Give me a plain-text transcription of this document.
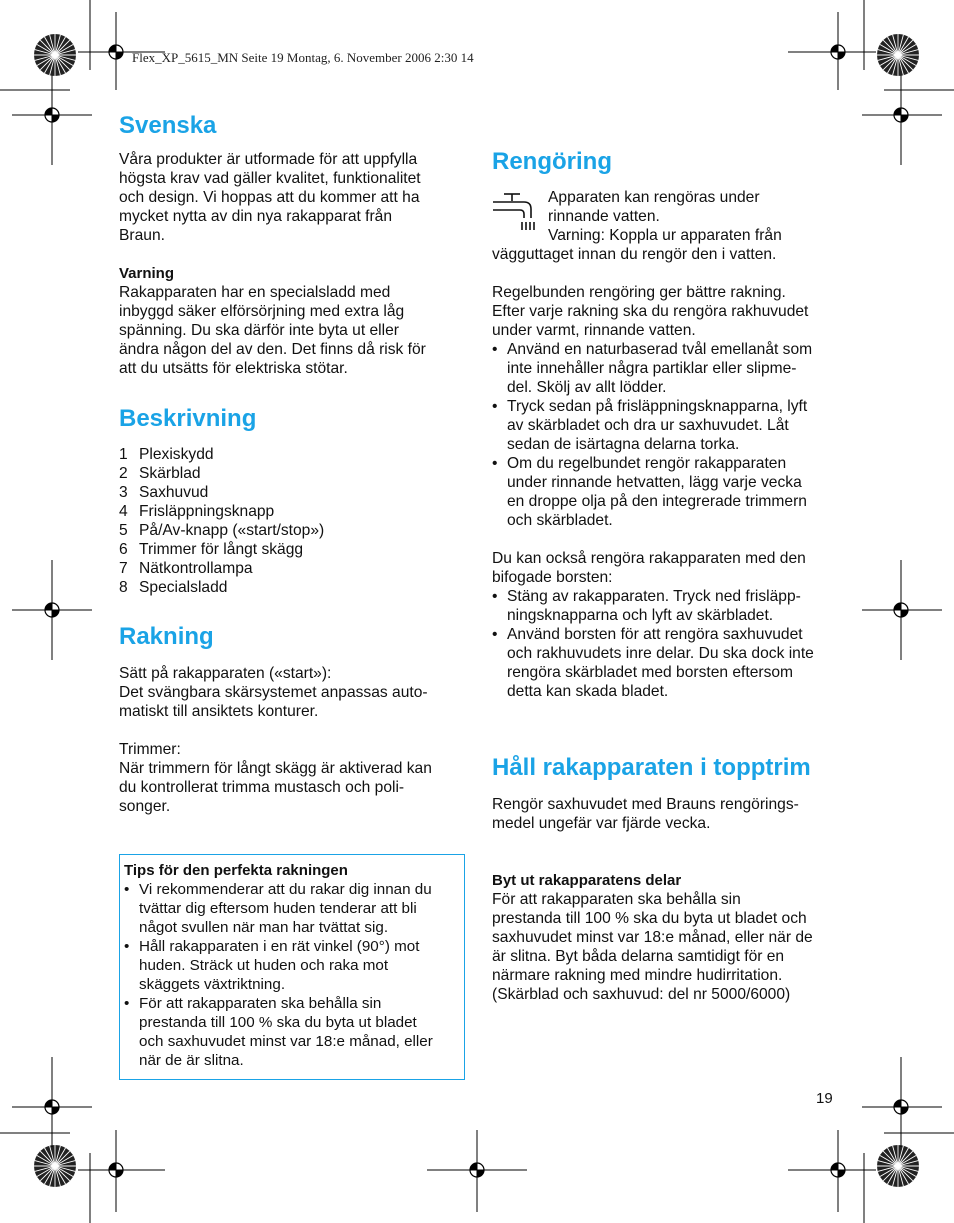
Flex_XP_5615_MN Seite 19 Montag, 6. November 2006 2:30 14
Svenska

Våra produkter är utformade för att uppfylla

högsta krav vad gäller kvalitet, funktionalitet

och design. Vi hoppas att du kommer att ha

mycket nytta av din nya rakapparat från

Braun.

Varning

Rakapparaten har en specialsladd med

inbyggd säker elförsörjning med extra låg

spänning. Du ska därför inte byta ut eller

ändra någon del av den. Det finns då risk för

att du utsätts för elektriska stötar.

Beskrivning
1 Plexiskydd
2 Skärblad
3 Saxhuvud
4 Frisläppningsknapp
5 På/Av-knapp («start/stop»)
6 Trimmer för långt skägg
7 Nätkontrollampa
8 Specialsladd
Rakning

Sätt på rakapparaten («start»):

Det svängbara skärsystemet anpassas auto-

matiskt till ansiktets konturer.

Trimmer:

När trimmern för långt skägg är aktiverad kan

du kontrollerat trimma mustasch och poli-

songer.

Tips för den perfekta rakningen

• Vi rekommenderar att du rakar dig innan du
tvättar dig eftersom huden tenderar att bli
något svullen när man har tvättat sig.
• Håll rakapparaten i en rät vinkel (90°) mot
huden. Sträck ut huden och raka mot
skäggets växtriktning.
• För att rakapparaten ska behålla sin
prestanda till 100 % ska du byta ut bladet
och saxhuvudet minst var 18:e månad, eller
när de är slitna.
Rengöring

Apparaten kan rengöras under

rinnande vatten.

Varning: Koppla ur apparaten från

vägguttaget innan du rengör den i vatten.

Regelbunden rengöring ger bättre rakning.

Efter varje rakning ska du rengöra rakhuvudet

under varmt, rinnande vatten.

• Använd en naturbaserad tvål emellanåt som
inte innehåller några partiklar eller slipme-
del. Skölj av allt lödder.
• Tryck sedan på frisläppningsknapparna, lyft
av skärbladet och dra ur saxhuvudet. Låt
sedan de isärtagna delarna torka.
• Om du regelbundet rengör rakapparaten
under rinnande hetvatten, lägg varje vecka
en droppe olja på den integrerade trimmern
och skärbladet.

Du kan också rengöra rakapparaten med den

bifogade borsten:

• Stäng av rakapparaten. Tryck ned frisläpp-
ningsknapparna och lyft av skärbladet.
• Använd borsten för att rengöra saxhuvudet
och rakhuvudets inre delar. Du ska dock inte
rengöra skärbladet med borsten eftersom
detta kan skada bladet.
Håll rakapparaten i topptrim

Rengör saxhuvudet med Brauns rengörings-

medel ungefär var fjärde vecka.

Byt ut rakapparatens delar

För att rakapparaten ska behålla sin

prestanda till 100 % ska du byta ut bladet och

saxhuvudet minst var 18:e månad, eller när de

är slitna. Byt båda delarna samtidigt för en

närmare rakning med mindre hudirritation.

(Skärblad och saxhuvud: del nr 5000/6000)

19
